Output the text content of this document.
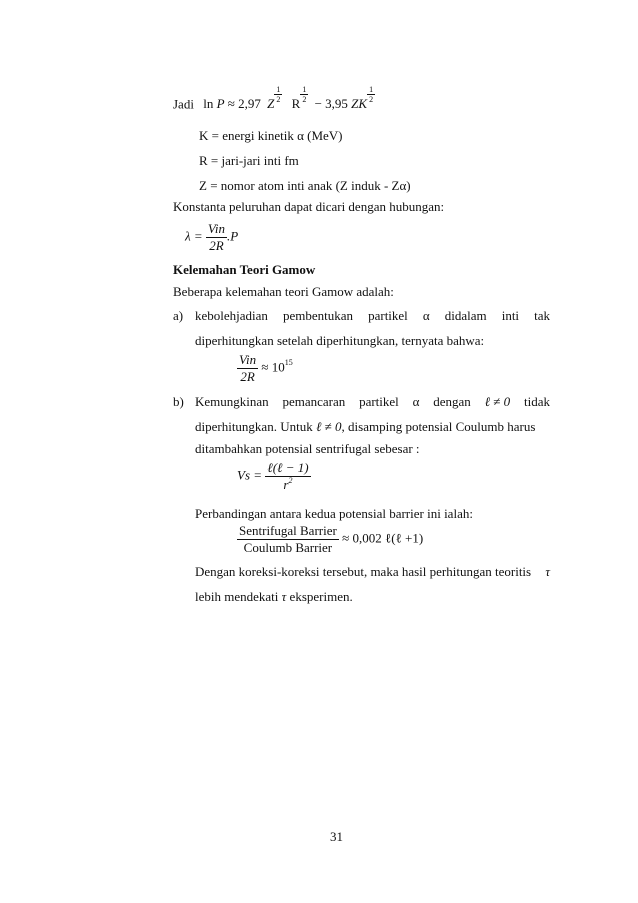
Jadi ln P ≈ 2,97 Z $\frac{1}{2}$ R $\frac{1}{2} - 3,95$ ZK $\frac{1}{2}$
K = energi kinetik α (MeV)
R = jari-jari inti fm
Z = nomor atom inti anak (Z induk - Zα)
Konstanta peluruhan dapat dicari dengan hubungan:
$\lambda = \frac{\text{Vin}}{2R} .P$
Kelemahan Teori Gamow
Beberapa kelemahan teori Gamow adalah:
a) kebolehjadian pembentukan partikel α didalam inti tak
diperhitungkan setelah diperhitungkan, ternyata bahwa:
$\frac{\text{Vin}}{2R} \approx 10^{15}$
b) Kemungkinan pemancaran partikel α dengan ℓ ≠ 0 tidak
diperhitungkan. Untuk ℓ ≠ 0, disamping potensial Coulumb harus
ditambahkan potensial sentrifugal sebesar :
$Vs = \frac{\text{ℓ(ℓ − 1)}}{r^2}$
Perbandingan antara kedua potensial barrier ini ialah:
$\frac{\text{Sentrifugal Barrier}}{\text{Coulumb Barrier}} \approx 0,002$ ℓ(ℓ +1)
Dengan koreksi-koreksi tersebut, maka hasil perhitungan teoritis τ
lebih mendekati τ eksperimen.
31
